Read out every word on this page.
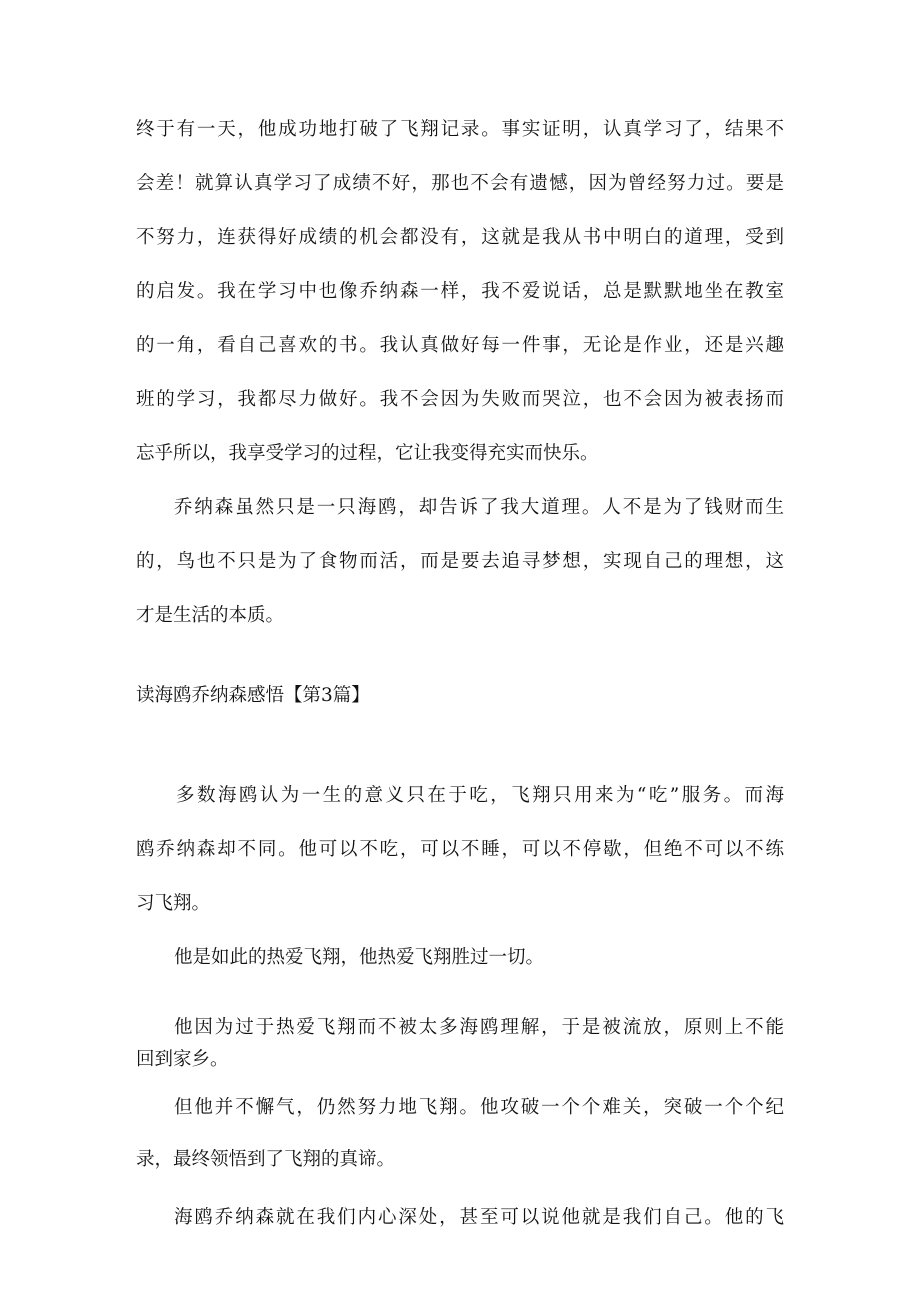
终于有一天，他成功地打破了飞翔记录。事实证明，认真学习了，结果不
会差！就算认真学习了成绩不好，那也不会有遗憾，因为曾经努力过。要是
不努力，连获得好成绩的机会都没有，这就是我从书中明白的道理，受到
的启发。我在学习中也像乔纳森一样，我不爱说话，总是默默地坐在教室
的一角，看自己喜欢的书。我认真做好每一件事，无论是作业，还是兴趣
班的学习，我都尽力做好。我不会因为失败而哭泣，也不会因为被表扬而
忘乎所以，我享受学习的过程，它让我变得充实而快乐。
乔纳森虽然只是一只海鸥，却告诉了我大道理。人不是为了钱财而生
的，鸟也不只是为了食物而活，而是要去追寻梦想，实现自己的理想，这
才是生活的本质。
读海鸥乔纳森感悟【第3篇】
多数海鸥认为一生的意义只在于吃，飞翔只用来为“吃”服务。而海
鸥乔纳森却不同。他可以不吃，可以不睡，可以不停歇，但绝不可以不练
习飞翔。
他是如此的热爱飞翔，他热爱飞翔胜过一切。
他因为过于热爱飞翔而不被太多海鸥理解，于是被流放，原则上不能
回到家乡。
但他并不懈气，仍然努力地飞翔。他攻破一个个难关，突破一个个纪
录，最终领悟到了飞翔的真谛。
海鸥乔纳森就在我们内心深处，甚至可以说他就是我们自己。他的飞
